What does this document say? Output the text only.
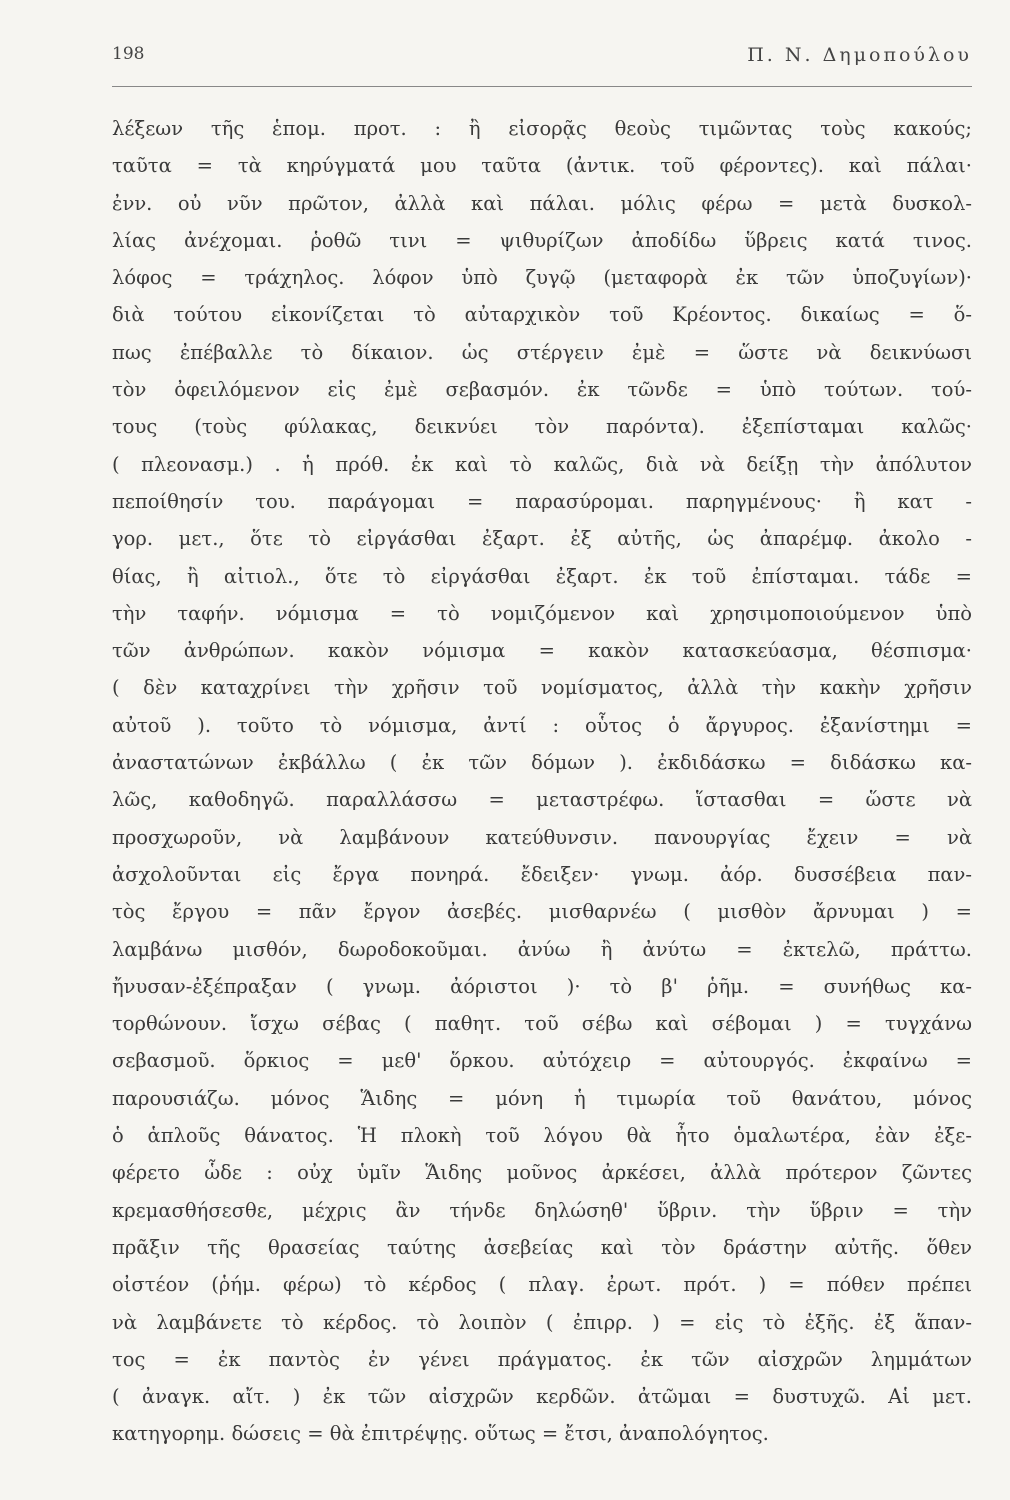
198	Π. Ν. Δημοπούλου
λέξεων τῆς ἑπομ. προτ. : ἢ εἰσορᾷς θεοὺς τιμῶντας τοὺς κακούς;
ταῦτα = τὰ κηρύγματά μου ταῦτα (ἀντικ. τοῦ φέροντες). καὶ πάλαι·
ἐνν. οὐ νῦν πρῶτον, ἀλλὰ καὶ πάλαι. μόλις φέρω = μετὰ δυσκολ-
λίας ἀνέχομαι. ῥοθῶ τινι = ψιθυρίζων ἀποδίδω ὕβρεις κατά τινος.
λόφος = τράχηλος. λόφον ὑπὸ ζυγῷ (μεταφορὰ ἐκ τῶν ὑποζυγίων)·
διὰ τούτου εἰκονίζεται τὸ αὐταρχικὸν τοῦ Κρέοντος. δικαίως = ὅ-
πως ἐπέβαλλε τὸ δίκαιον. ὡς στέργειν ἐμὲ = ὥστε νὰ δεικνύωσι
τὸν ὀφειλόμενον εἰς ἐμὲ σεβασμόν. ἐκ τῶνδε = ὑπὸ τούτων. τού-
τους (τοὺς φύλακας, δεικνύει τὸν παρόντα). ἐξεπίσταμαι καλῶς·
( πλεονασμ.) . ἡ πρόθ. ἐκ καὶ τὸ καλῶς, διὰ νὰ δείξῃ τὴν ἀπόλυτον
πεποίθησίν του. παράγομαι = παρασύρομαι. παρηγμένους· ἢ κατ -
γορ. μετ., ὅτε τὸ εἰργάσθαι ἐξαρτ. ἐξ αὐτῆς, ὡς ἀπαρέμφ. ἀκολο -
θίας, ἢ αἰτιολ., ὅτε τὸ εἰργάσθαι ἐξαρτ. ἐκ τοῦ ἐπίσταμαι. τάδε =
τὴν ταφήν. νόμισμα = τὸ νομιζόμενον καὶ χρησιμοποιούμενον ὑπὸ
τῶν ἀνθρώπων. κακὸν νόμισμα = κακὸν κατασκεύασμα, θέσπισμα·
( δὲν καταχρίνει τὴν χρῆσιν τοῦ νομίσματος, ἀλλὰ τὴν κακὴν χρῆσιν
αὐτοῦ ). τοῦτο τὸ νόμισμα, ἀντί : οὗτος ὁ ἄργυρος. ἐξανίστημι =
ἀναστατώνων ἐκβάλλω ( ἐκ τῶν δόμων ). ἐκδιδάσκω = διδάσκω κα-
λῶς, καθοδηγῶ. παραλλάσσω = μεταστρέφω. ἵστασθαι = ὥστε νὰ
προσχωροῦν, νὰ λαμβάνουν κατεύθυνσιν. πανουργίας ἔχειν = νὰ
ἀσχολοῦνται εἰς ἔργα πονηρά. ἔδειξεν· γνωμ. ἀόρ. δυσσέβεια παν-
τὸς ἔργου = πᾶν ἔργον ἀσεβές. μισθαρνέω ( μισθὸν ἄρνυμαι ) =
λαμβάνω μισθόν, δωροδοκοῦμαι. ἀνύω ἢ ἀνύτω = ἐκτελῶ, πράττω.
ἤνυσαν-ἐξέπραξαν ( γνωμ. ἀόριστοι )· τὸ β' ῥῆμ. = συνήθως κα-
τορθώνουν. ἴσχω σέβας ( παθητ. τοῦ σέβω καὶ σέβομαι ) = τυγχάνω
σεβασμοῦ. ὅρκιος = μεθ' ὅρκου. αὐτόχειρ = αὐτουργός. ἐκφαίνω =
παρουσιάζω. μόνος Ἅιδης = μόνη ἡ τιμωρία τοῦ θανάτου, μόνος
ὁ ἁπλοῦς θάνατος. Ἡ πλοκὴ τοῦ λόγου θὰ ἦτο ὁμαλωτέρα, ἐὰν ἐξε-
φέρετο ὧδε : οὐχ ὑμῖν Ἅιδης μοῦνος ἀρκέσει, ἀλλὰ πρότερον ζῶντες
κρεμασθήσεσθε, μέχρις ἂν τήνδε δηλώσηθ' ὕβριν. τὴν ὕβριν = τὴν
πρᾶξιν τῆς θρασείας ταύτης ἀσεβείας καὶ τὸν δράστην αὐτῆς. ὅθεν
οἰστέον (ῥήμ. φέρω) τὸ κέρδος ( πλαγ. ἐρωτ. πρότ. ) = πόθεν πρέπει
νὰ λαμβάνετε τὸ κέρδος. τὸ λοιπὸν ( ἐπιρρ. ) = εἰς τὸ ἑξῆς. ἐξ ἅπαν-
τος = ἐκ παντὸς ἐν γένει πράγματος. ἐκ τῶν αἰσχρῶν λημμάτων
( ἀναγκ. αἴτ. ) ἐκ τῶν αἰσχρῶν κερδῶν. ἀτῶμαι = δυστυχῶ. Αἱ μετ.
κατηγορημ. δώσεις = θὰ ἐπιτρέψῃς. οὕτως = ἔτσι, ἀναπολόγητος.
